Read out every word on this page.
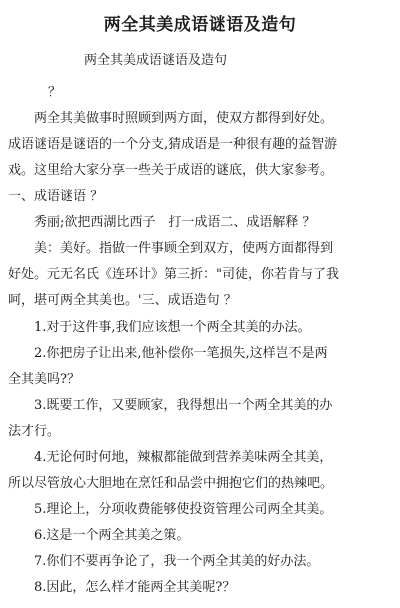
两全其美成语谜语及造句
两全其美成语谜语及造句
？
两全其美做事时照顾到两方面，使双方都得到好处。
成语谜语是谜语的一个分支,猜成语是一种很有趣的益智游
戏。这里给大家分享一些关于成语的谜底，供大家参考。
一、成语谜语 ？
秀丽;欲把西湖比西子　打一成语二、成语解释 ？
美：美好。指做一件事顾全到双方，使两方面都得到
好处。元无名氏《连环计》第三折："司徒，你若肯与了我
呵，堪可两全其美也。'三、成语造句 ？
1.对于这件事,我们应该想一个两全其美的办法。
2.你把房子让出来,他补偿你一笔损失,这样岂不是两
全其美吗?？
3.既要工作，又要顾家，我得想出一个两全其美的办
法才行。
4.无论何时何地，辣椒都能做到营养美味两全其美，
所以尽管放心大胆地在烹饪和品尝中拥抱它们的热辣吧。
5.理论上，分项收费能够使投资管理公司两全其美。
6.这是一个两全其美之策。
7.你们不要再争论了，我一个两全其美的好办法。
8.因此，怎么样才能两全其美呢?？
